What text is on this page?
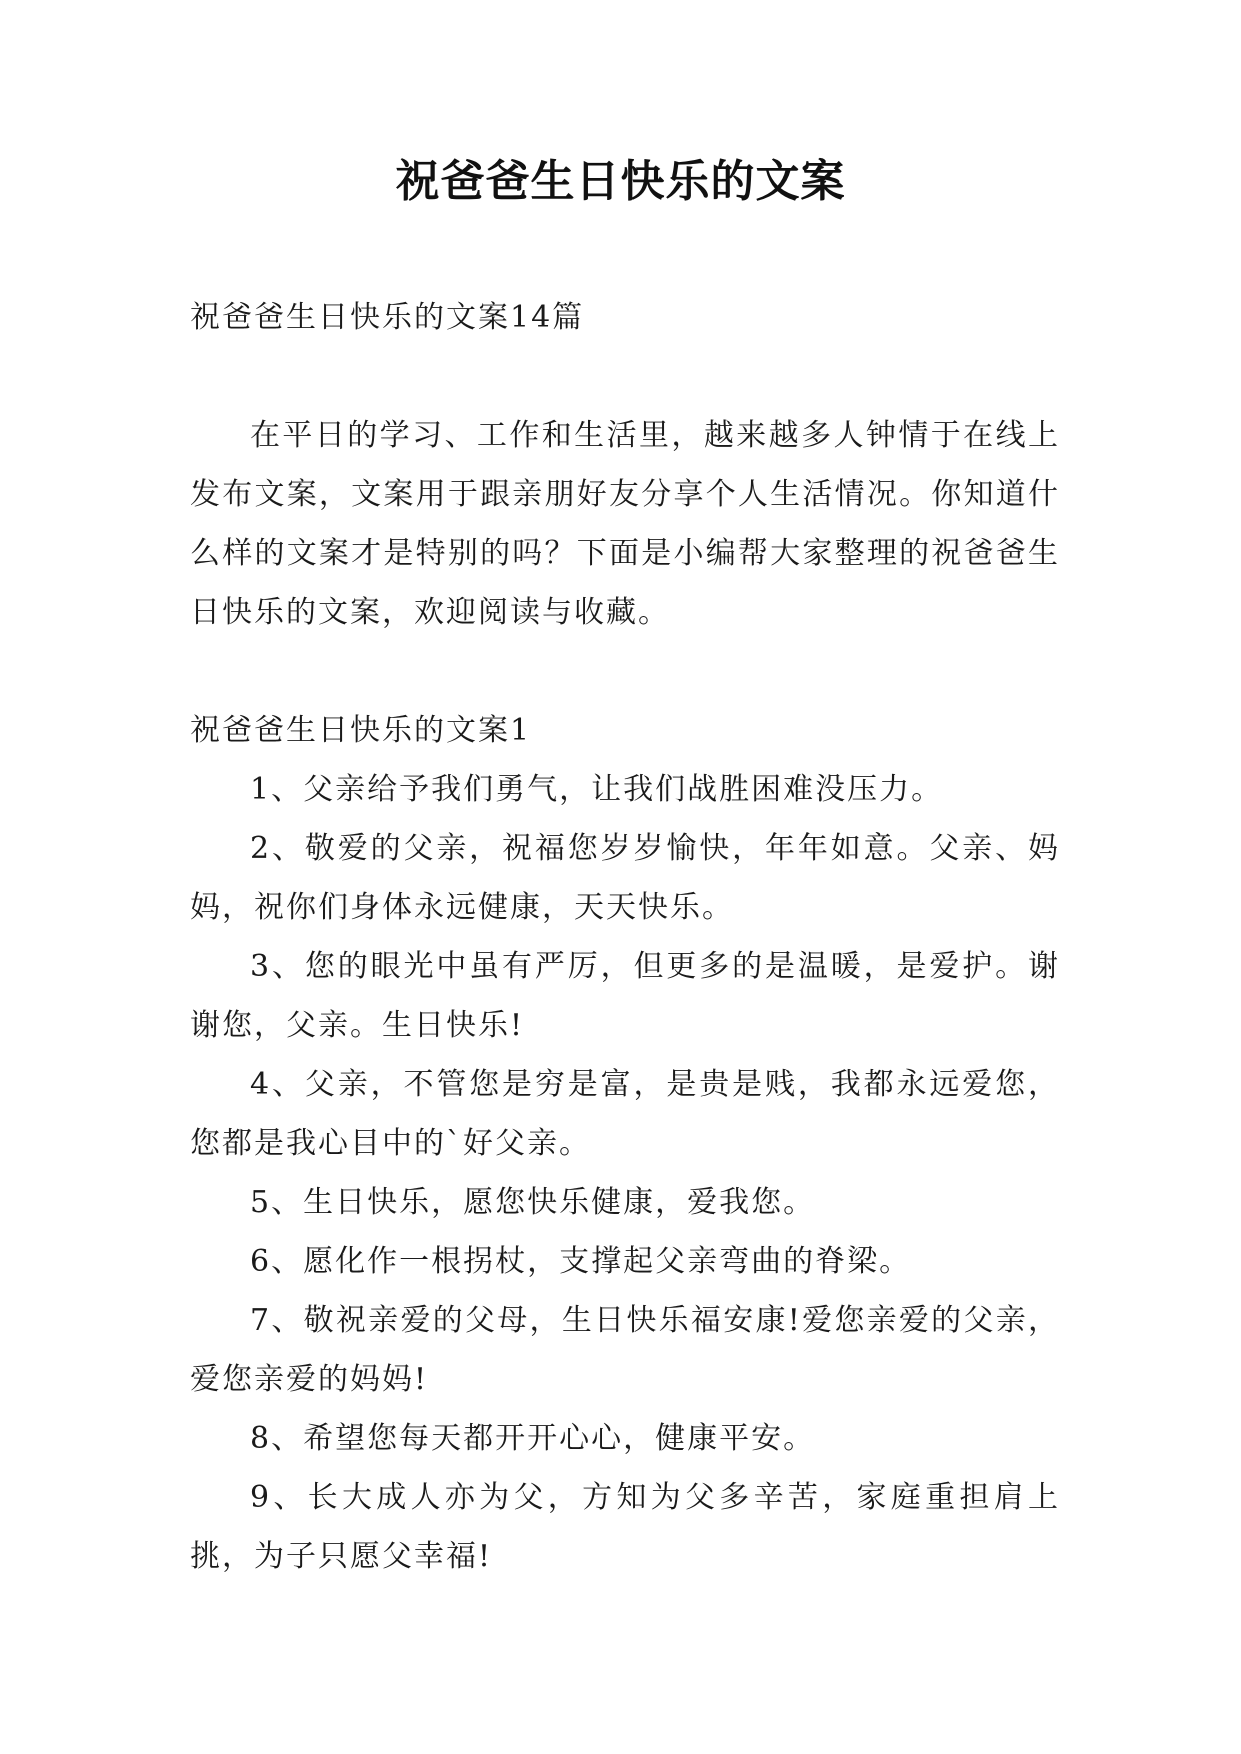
祝爸爸生日快乐的文案

祝爸爸生日快乐的文案14篇

在平日的学习、工作和生活里，越来越多人钟情于在线上发布文案，文案用于跟亲朋好友分享个人生活情况。你知道什么样的文案才是特别的吗？下面是小编帮大家整理的祝爸爸生日快乐的文案，欢迎阅读与收藏。

祝爸爸生日快乐的文案1

1、父亲给予我们勇气，让我们战胜困难没压力。

2、敬爱的父亲，祝福您岁岁愉快，年年如意。父亲、妈妈，祝你们身体永远健康，天天快乐。

3、您的眼光中虽有严厉，但更多的是温暖，是爱护。谢谢您，父亲。生日快乐!

4、父亲，不管您是穷是富，是贵是贱，我都永远爱您，您都是我心目中的`好父亲。

5、生日快乐，愿您快乐健康，爱我您。

6、愿化作一根拐杖，支撑起父亲弯曲的脊梁。

7、敬祝亲爱的父母，生日快乐福安康!爱您亲爱的父亲，爱您亲爱的妈妈!

8、希望您每天都开开心心，健康平安。

9、长大成人亦为父，方知为父多辛苦，家庭重担肩上挑，为子只愿父幸福!
